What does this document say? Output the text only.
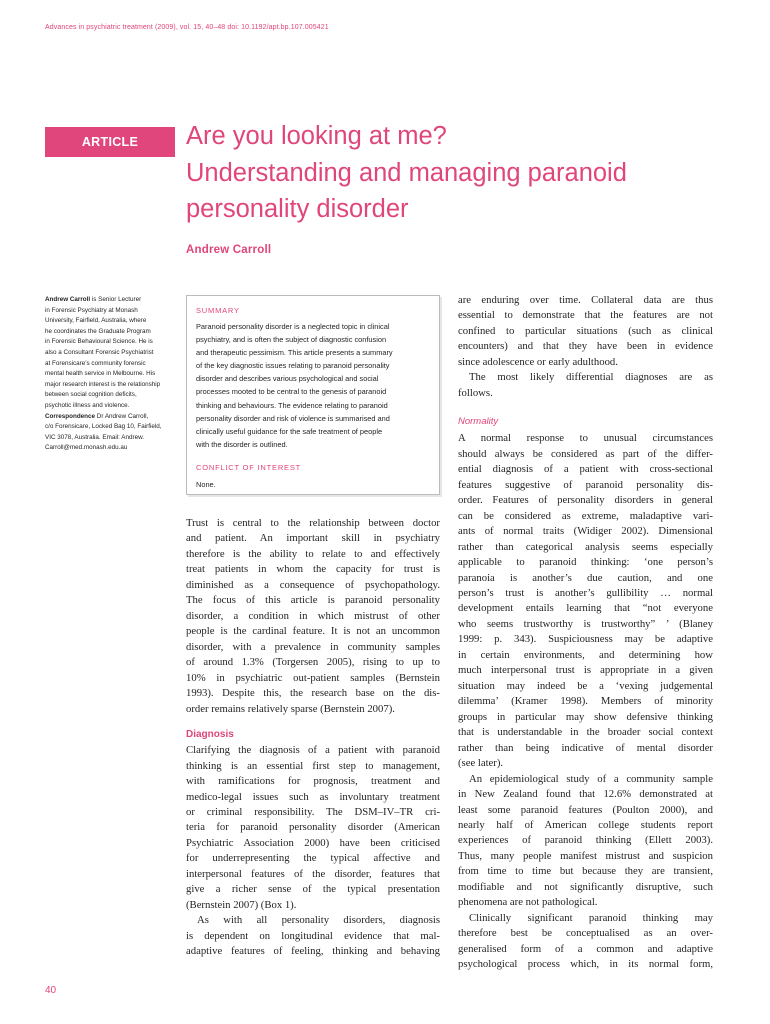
Advances in psychiatric treatment (2009), vol. 15, 40–48 doi: 10.1192/apt.bp.107.005421
ARTICLE	Are you looking at me?
Understanding and managing paranoid
personality disorder
Andrew Carroll
Andrew Carroll is Senior Lecturer
in Forensic Psychiatry at Monash
University, Fairfield, Australia, where
he coordinates the Graduate Program
in Forensic Behavioural Science. He is
also a Consultant Forensic Psychiatrist
at Forensicare’s community forensic
mental health service in Melbourne. His
major research interest is the relationship
between social cognition deficits,
psychotic illness and violence.
Correspondence Dr Andrew Carroll,
c/o Forensicare, Locked Bag 10, Fairfield,
VIC 3078, Australia. Email: Andrew.
Carroll@med.monash.edu.au
SUMMARY
Paranoid personality disorder is a neglected topic in clinical
psychiatry, and is often the subject of diagnostic confusion
and therapeutic pessimism. This article presents a summary
of the key diagnostic issues relating to paranoid personality
disorder and describes various psychological and social
processes mooted to be central to the genesis of paranoid
thinking and behaviours. The evidence relating to paranoid
personality disorder and risk of violence is summarised and
clinically useful guidance for the safe treatment of people
with the disorder is outlined.
CONFLICT OF INTEREST
None.
Trust is central to the relationship between doctor
and patient. An important skill in psychiatry
therefore is the ability to relate to and effectively
treat patients in whom the capacity for trust is
diminished as a consequence of psychopathology.
The focus of this article is paranoid personality
disorder, a condition in which mistrust of other
people is the cardinal feature. It is not an uncommon
disorder, with a prevalence in community samples
of around 1.3% (Torgersen 2005), rising to up to
10% in psychiatric out-patient samples (Bernstein
1993). Despite this, the research base on the dis-
order remains relatively sparse (Bernstein 2007).
Diagnosis
Clarifying the diagnosis of a patient with paranoid
thinking is an essential first step to management,
with ramifications for prognosis, treatment and
medico-legal issues such as involuntary treatment
or criminal responsibility. The DSM–IV–TR cri-
teria for paranoid personality disorder (American
Psychiatric Association 2000) have been criticised
for underrepresenting the typical affective and
interpersonal features of the disorder, features that
give a richer sense of the typical presentation
(Bernstein 2007) (Box 1).
As with all personality disorders, diagnosis
is dependent on longitudinal evidence that mal-
adaptive features of feeling, thinking and behaving
are enduring over time. Collateral data are thus
essential to demonstrate that the features are not
confined to particular situations (such as clinical
encounters) and that they have been in evidence
since adolescence or early adulthood.
The most likely differential diagnoses are as
follows.
Normality
A normal response to unusual circumstances
should always be considered as part of the differ-
ential diagnosis of a patient with cross-sectional
features suggestive of paranoid personality dis-
order. Features of personality disorders in general
can be considered as extreme, maladaptive vari-
ants of normal traits (Widiger 2002). Dimensional
rather than categorical analysis seems especially
applicable to paranoid thinking: ‘one person’s
paranoia is another’s due caution, and one
person’s trust is another’s gullibility … normal
development entails learning that “not everyone
who seems trustworthy is trustworthy” ’ (Blaney
1999: p. 343). Suspiciousness may be adaptive
in certain environments, and determining how
much interpersonal trust is appropriate in a given
situation may indeed be a ‘vexing judgemental
dilemma’ (Kramer 1998). Members of minority
groups in particular may show defensive thinking
that is understandable in the broader social context
rather than being indicative of mental disorder
(see later).
An epidemiological study of a community sample
in New Zealand found that 12.6% demonstrated at
least some paranoid features (Poulton 2000), and
nearly half of American college students report
experiences of paranoid thinking (Ellett 2003).
Thus, many people manifest mistrust and suspicion
from time to time but because they are transient,
modifiable and not significantly disruptive, such
phenomena are not pathological.
Clinically significant paranoid thinking may
therefore best be conceptualised as an over-
generalised form of a common and adaptive
psychological process which, in its normal form,
40
